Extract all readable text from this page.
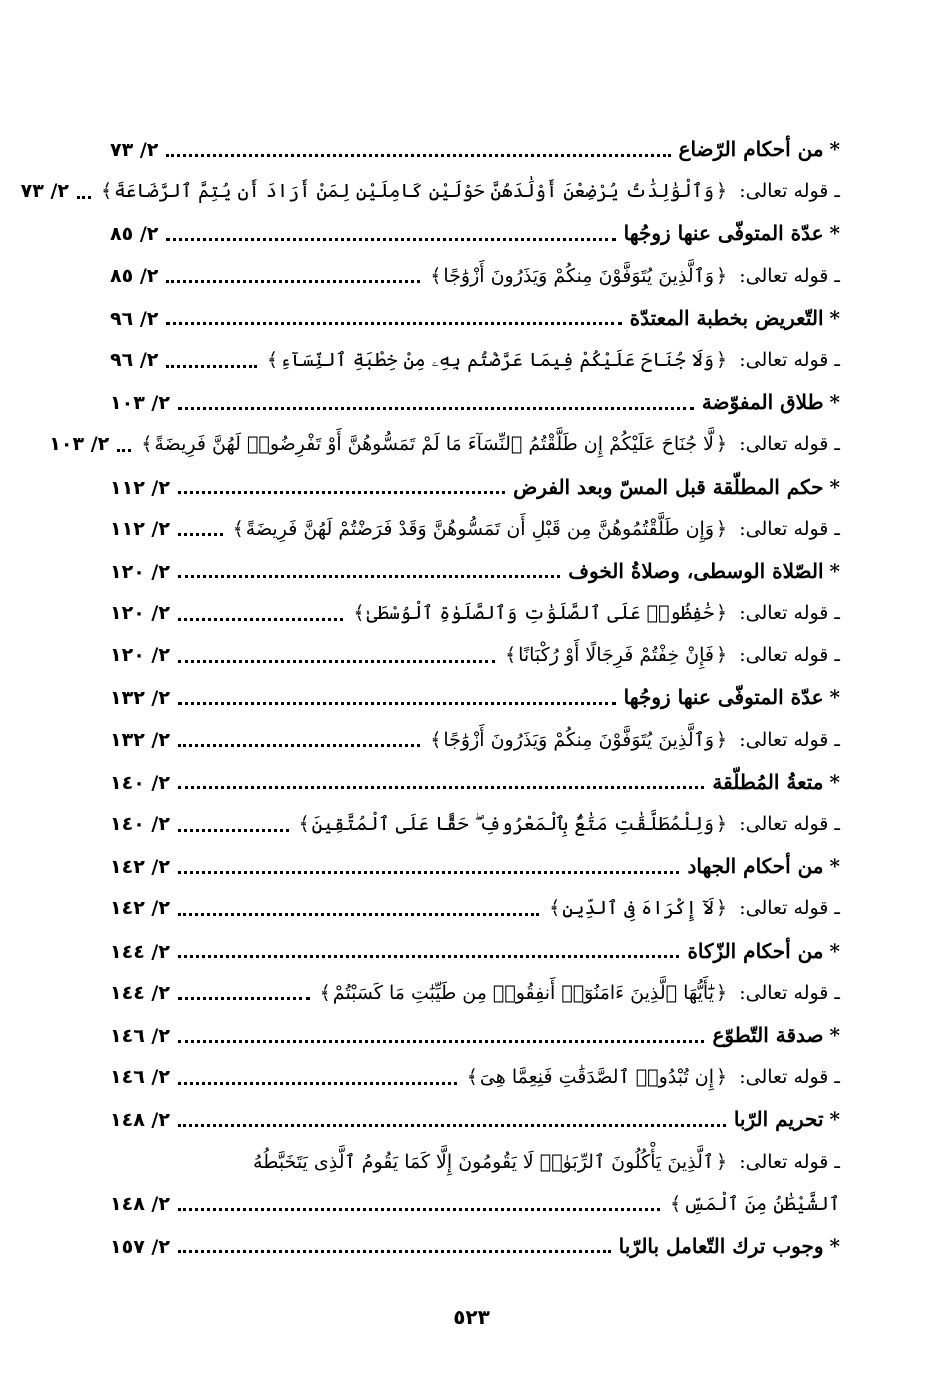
*من أحكام الرّضاع
٢/ ٧٣
ـ قوله تعالى: ﴿وَٱلْوَٰلِدَٰتُ يُرْضِعْنَ أَوْلَٰدَهُنَّ حَوْلَيْنِ كَامِلَيْنِ لِمَنْ أَرَادَ أَن يُتِمَّ ٱلرَّضَاعَةَ﴾
٢/ ٧٣
*عدّة المتوفّى عنها زوجُها
٢/ ٨٥
ـ قوله تعالى: ﴿وَٱلَّذِينَ يُتَوَفَّوْنَ مِنكُمْ وَيَذَرُونَ أَزْوَٰجًا﴾
٢/ ٨٥
*التّعريض بخطبة المعتدّة
٢/ ٩٦
ـ قوله تعالى: ﴿وَلَا جُنَاحَ عَلَيْكُمْ فِيمَا عَرَّضْتُم بِهِۦ مِنْ خِطْبَةِ ٱلنِّسَآءِ﴾
٢/ ٩٦
*طلاق المفوّضة
٢/ ١٠٣
ـ قوله تعالى: ﴿لَّا جُنَاحَ عَلَيْكُمْ إِن طَلَّقْتُمُ ٱلنِّسَآءَ مَا لَمْ تَمَسُّوهُنَّ أَوْ تَفْرِضُوا۟ لَهُنَّ فَرِيضَةً﴾
٢/ ١٠٣
*حكم المطلّقة قبل المسّ وبعد الفرض
٢/ ١١٢
ـ قوله تعالى: ﴿وَإِن طَلَّقْتُمُوهُنَّ مِن قَبْلِ أَن تَمَسُّوهُنَّ وَقَدْ فَرَضْتُمْ لَهُنَّ فَرِيضَةً﴾
٢/ ١١٢
*الصّلاة الوسطى، وصلاةُ الخوف
٢/ ١٢٠
ـ قوله تعالى: ﴿حَٰفِظُوا۟ عَلَى ٱلصَّلَوَٰتِ وَٱلصَّلَوٰةِ ٱلْوُسْطَىٰ﴾
٢/ ١٢٠
ـ قوله تعالى: ﴿فَإِنْ خِفْتُمْ فَرِجَالًا أَوْ رُكْبَانًا﴾
٢/ ١٢٠
*عدّة المتوفّى عنها زوجُها
٢/ ١٣٢
ـ قوله تعالى: ﴿وَٱلَّذِينَ يُتَوَفَّوْنَ مِنكُمْ وَيَذَرُونَ أَزْوَٰجًا﴾
٢/ ١٣٢
*متعةُ المُطلّقة
٢/ ١٤٠
ـ قوله تعالى: ﴿وَلِلْمُطَلَّقَٰتِ مَتَٰعٌۢ بِٱلْمَعْرُوفِ ۖ حَقًّا عَلَى ٱلْمُتَّقِينَ﴾
٢/ ١٤٠
*من أحكام الجهاد
٢/ ١٤٢
ـ قوله تعالى: ﴿لَآ إِكْرَاهَ فِى ٱلدِّينِ﴾
٢/ ١٤٢
*من أحكام الزّكاة
٢/ ١٤٤
ـ قوله تعالى: ﴿يَٰٓأَيُّهَا ٱلَّذِينَ ءَامَنُوٓا۟ أَنفِقُوا۟ مِن طَيِّبَٰتِ مَا كَسَبْتُمْ﴾
٢/ ١٤٤
*صدقة التّطوّع
٢/ ١٤٦
ـ قوله تعالى: ﴿إِن تُبْدُوا۟ ٱلصَّدَقَٰتِ فَنِعِمَّا هِىَ﴾
٢/ ١٤٦
*تحريم الرّبا
٢/ ١٤٨
ـ قوله تعالى: ﴿ٱلَّذِينَ يَأْكُلُونَ ٱلرِّبَوٰا۟ لَا يَقُومُونَ إِلَّا كَمَا يَقُومُ ٱلَّذِى يَتَخَبَّطُهُ
ٱلشَّيْطَٰنُ مِنَ ٱلْمَسِّ﴾
٢/ ١٤٨
*وجوب ترك التّعامل بالرّبا
٢/ ١٥٧
٥٢٣
